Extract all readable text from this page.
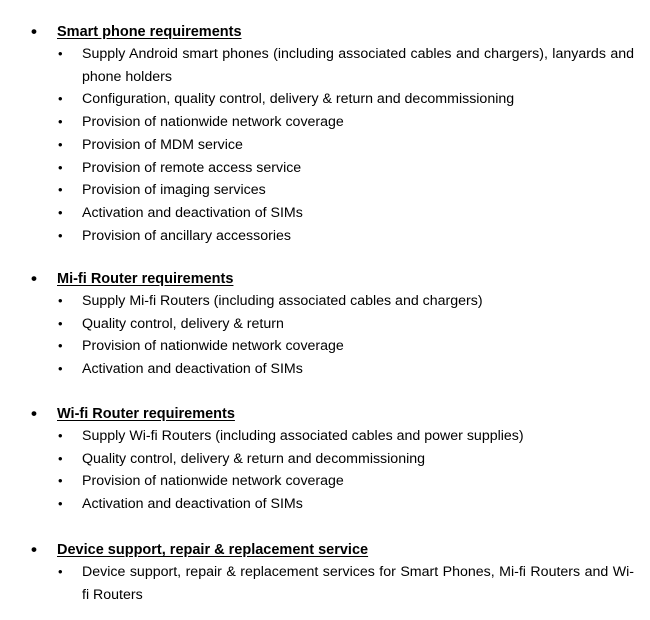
• Smart phone requirements
• Supply Android smart phones (including associated cables and chargers), lanyards and phone holders
• Configuration, quality control, delivery & return and decommissioning
• Provision of nationwide network coverage
• Provision of MDM service
• Provision of remote access service
• Provision of imaging services
• Activation and deactivation of SIMs
• Provision of ancillary accessories
• Mi-fi Router requirements
• Supply Mi-fi Routers (including associated cables and chargers)
• Quality control, delivery & return
• Provision of nationwide network coverage
• Activation and deactivation of SIMs
• Wi-fi Router requirements
• Supply Wi-fi Routers (including associated cables and power supplies)
• Quality control, delivery & return and decommissioning
• Provision of nationwide network coverage
• Activation and deactivation of SIMs
• Device support, repair & replacement service
• Device support, repair & replacement services for Smart Phones, Mi-fi Routers and Wi-fi Routers
